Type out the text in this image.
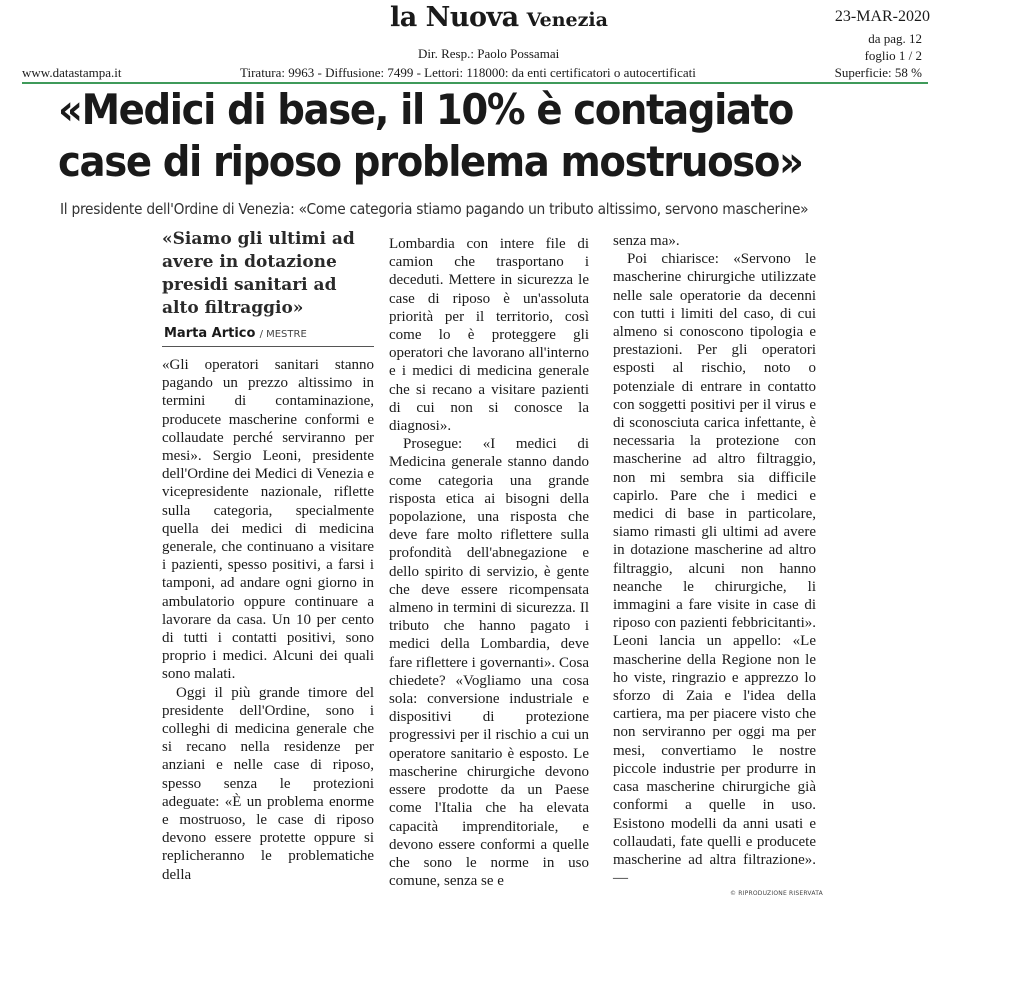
la Nuova Venezia	23-MAR-2020
Dir. Resp.: Paolo Possamai
da pag. 12
foglio 1 / 2
www.datastampa.it	Tiratura: 9963 - Diffusione: 7499 - Lettori: 118000: da enti certificatori o autocertificati	Superficie: 58 %
«Medici di base, il 10% è contagiato
case di riposo problema mostruoso»
Il presidente dell'Ordine di Venezia: «Come categoria stiamo pagando un tributo altissimo, servono mascherine»
«Siamo gli ultimi ad avere in dotazione presidi sanitari ad alto filtraggio»
Marta Artico / MESTRE

«Gli operatori sanitari stanno pagando un prezzo altissimo in termini di contaminazione, producete mascherine conformi e collaudate perché serviranno per mesi». Sergio Leoni, presidente dell'Ordine dei Medici di Venezia e vicepresidente nazionale, riflette sulla categoria, specialmente quella dei medici di medicina generale, che continuano a visitare i pazienti, spesso positivi, a farsi i tamponi, ad andare ogni giorno in ambulatorio oppure continuare a lavorare da casa. Un 10 per cento di tutti i contatti positivi, sono proprio i medici. Alcuni dei quali sono malati.

Oggi il più grande timore del presidente dell'Ordine, sono i colleghi di medicina generale che si recano nella residenze per anziani e nelle case di riposo, spesso senza le protezioni adeguate: «È un problema enorme e mostruoso, le case di riposo devono essere protette oppure si replicheranno le problematiche della

Lombardia con intere file di camion che trasportano i deceduti. Mettere in sicurezza le case di riposo è un'assoluta priorità per il territorio, così come lo è proteggere gli operatori che lavorano all'interno e i medici di medicina generale che si recano a visitare pazienti di cui non si conosce la diagnosi».

Prosegue: «I medici di Medicina generale stanno dando come categoria una grande risposta etica ai bisogni della popolazione, una risposta che deve fare molto riflettere sulla profondità dell'abnegazione e dello spirito di servizio, è gente che deve essere ricompensata almeno in termini di sicurezza. Il tributo che hanno pagato i medici della Lombardia, deve fare riflettere i governanti». Cosa chiedete? «Vogliamo una cosa sola: conversione industriale e dispositivi di protezione progressivi per il rischio a cui un operatore sanitario è esposto. Le mascherine chirurgiche devono essere prodotte da un Paese come l'Italia che ha elevata capacità imprenditoriale, e devono essere conformi a quelle che sono le norme in uso comune, senza se e

senza ma».

Poi chiarisce: «Servono le mascherine chirurgiche utilizzate nelle sale operatorie da decenni con tutti i limiti del caso, di cui almeno si conoscono tipologia e prestazioni. Per gli operatori esposti al rischio, noto o potenziale di entrare in contatto con soggetti positivi per il virus e di sconosciuta carica infettante, è necessaria la protezione con mascherine ad altro filtraggio, non mi sembra sia difficile capirlo. Pare che i medici e medici di base in particolare, siamo rimasti gli ultimi ad avere in dotazione mascherine ad altro filtraggio, alcuni non hanno neanche le chirurgiche, li immagini a fare visite in case di riposo con pazienti febbricitanti». Leoni lancia un appello: «Le mascherine della Regione non le ho viste, ringrazio e apprezzo lo sforzo di Zaia e l'idea della cartiera, ma per piacere visto che non serviranno per oggi ma per mesi, convertiamo le nostre piccole industrie per produrre in casa mascherine chirurgiche già conformi a quelle in uso. Esistono modelli da anni usati e collaudati, fate quelli e producete mascherine ad altra filtrazione». —

© RIPRODUZIONE RISERVATA
